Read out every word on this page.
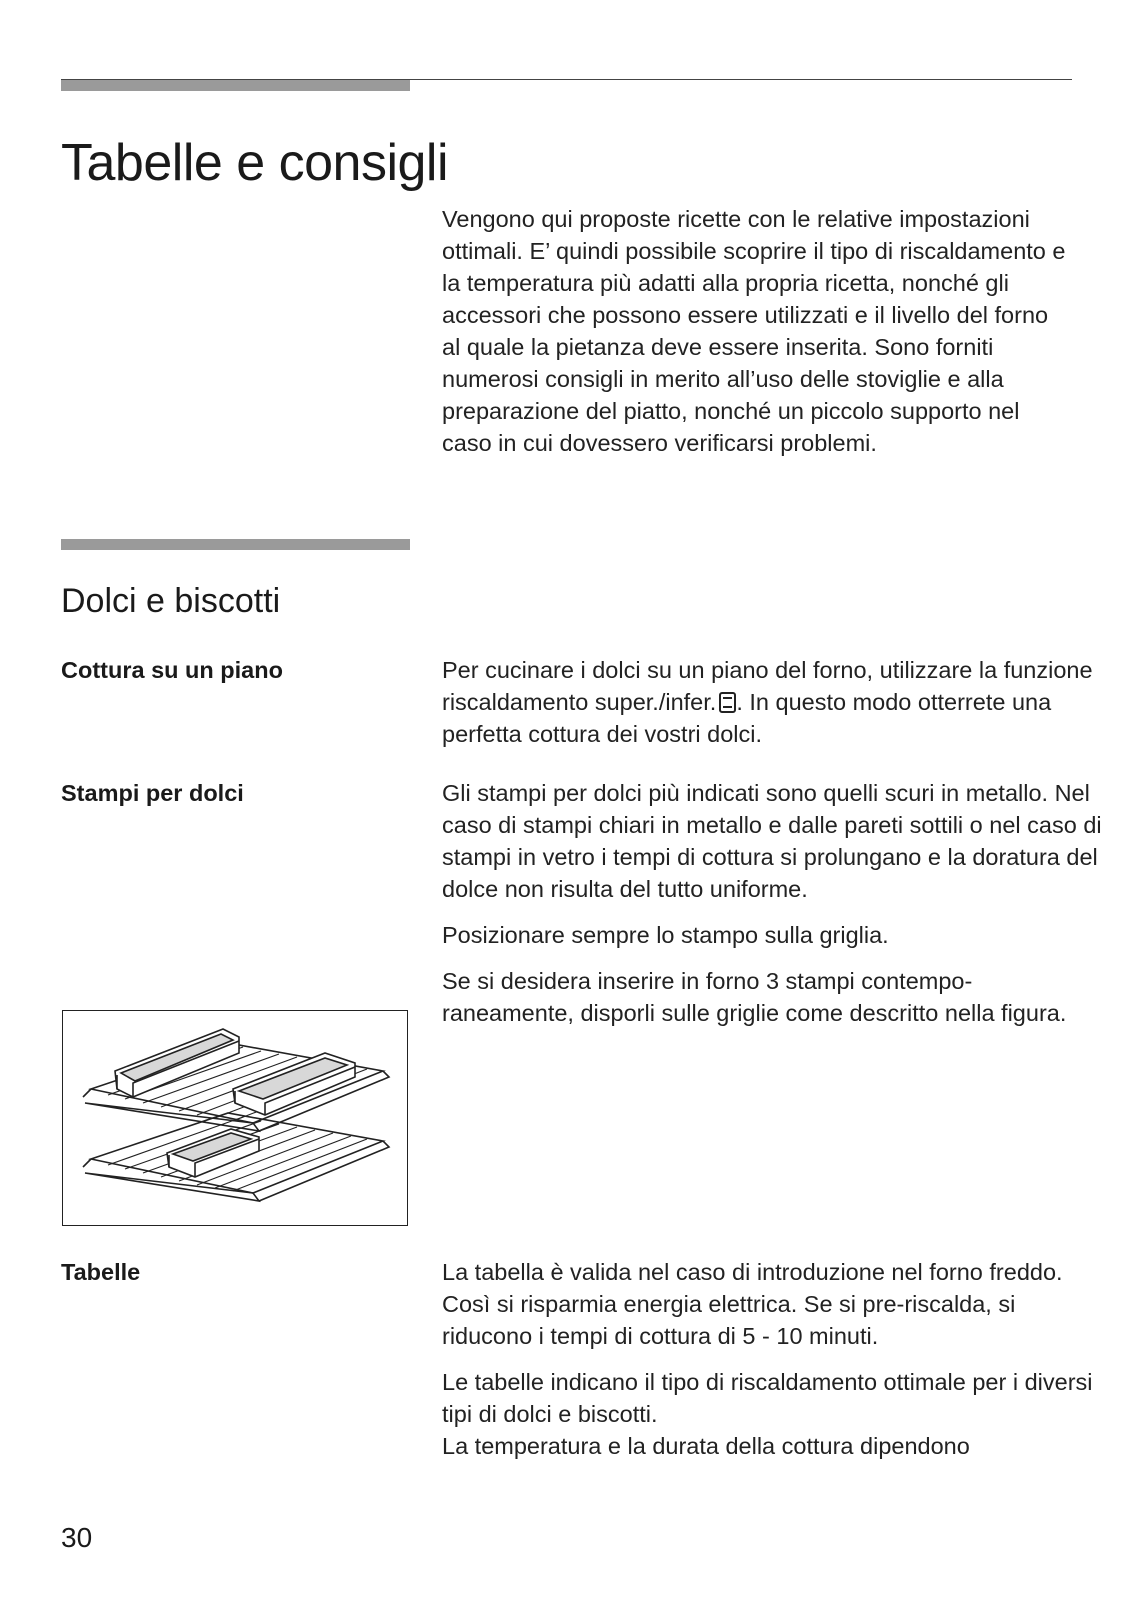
Tabelle e consigli

Vengono qui proposte ricette con le relative impostazioni ottimali. E’ quindi possibile scoprire il tipo di riscaldamento e la temperatura più adatti alla propria ricetta, nonché gli accessori che possono essere utilizzati e il livello del forno al quale la pietanza deve essere inserita. Sono forniti numerosi consigli in merito all’uso delle stoviglie e alla preparazione del piatto, nonché un piccolo supporto nel caso in cui dovessero verificarsi problemi.

Dolci e biscotti
Cottura su un piano	Per cucinare i dolci su un piano del forno, utilizzare la funzione riscaldamento super./infer. . In questo modo otterrete una perfetta cottura dei vostri dolci.

Stampi per dolci	Gli stampi per dolci più indicati sono quelli scuri in metallo. Nel caso di stampi chiari in metallo e dalle pareti sottili o nel caso di stampi in vetro i tempi di cottura si prolungano e la doratura del dolce non risulta del tutto uniforme.

Posizionare sempre lo stampo sulla griglia.

Se si desidera inserire in forno 3 stampi contempo-raneamente, disporli sulle griglie come descritto nella figura.

Tabelle	La tabella è valida nel caso di introduzione nel forno freddo. Così si risparmia energia elettrica. Se si pre-riscalda, si riducono i tempi di cottura di 5 - 10 minuti.

Le tabelle indicano il tipo di riscaldamento ottimale per i diversi tipi di dolci e biscotti.

La temperatura e la durata della cottura dipendono

30
